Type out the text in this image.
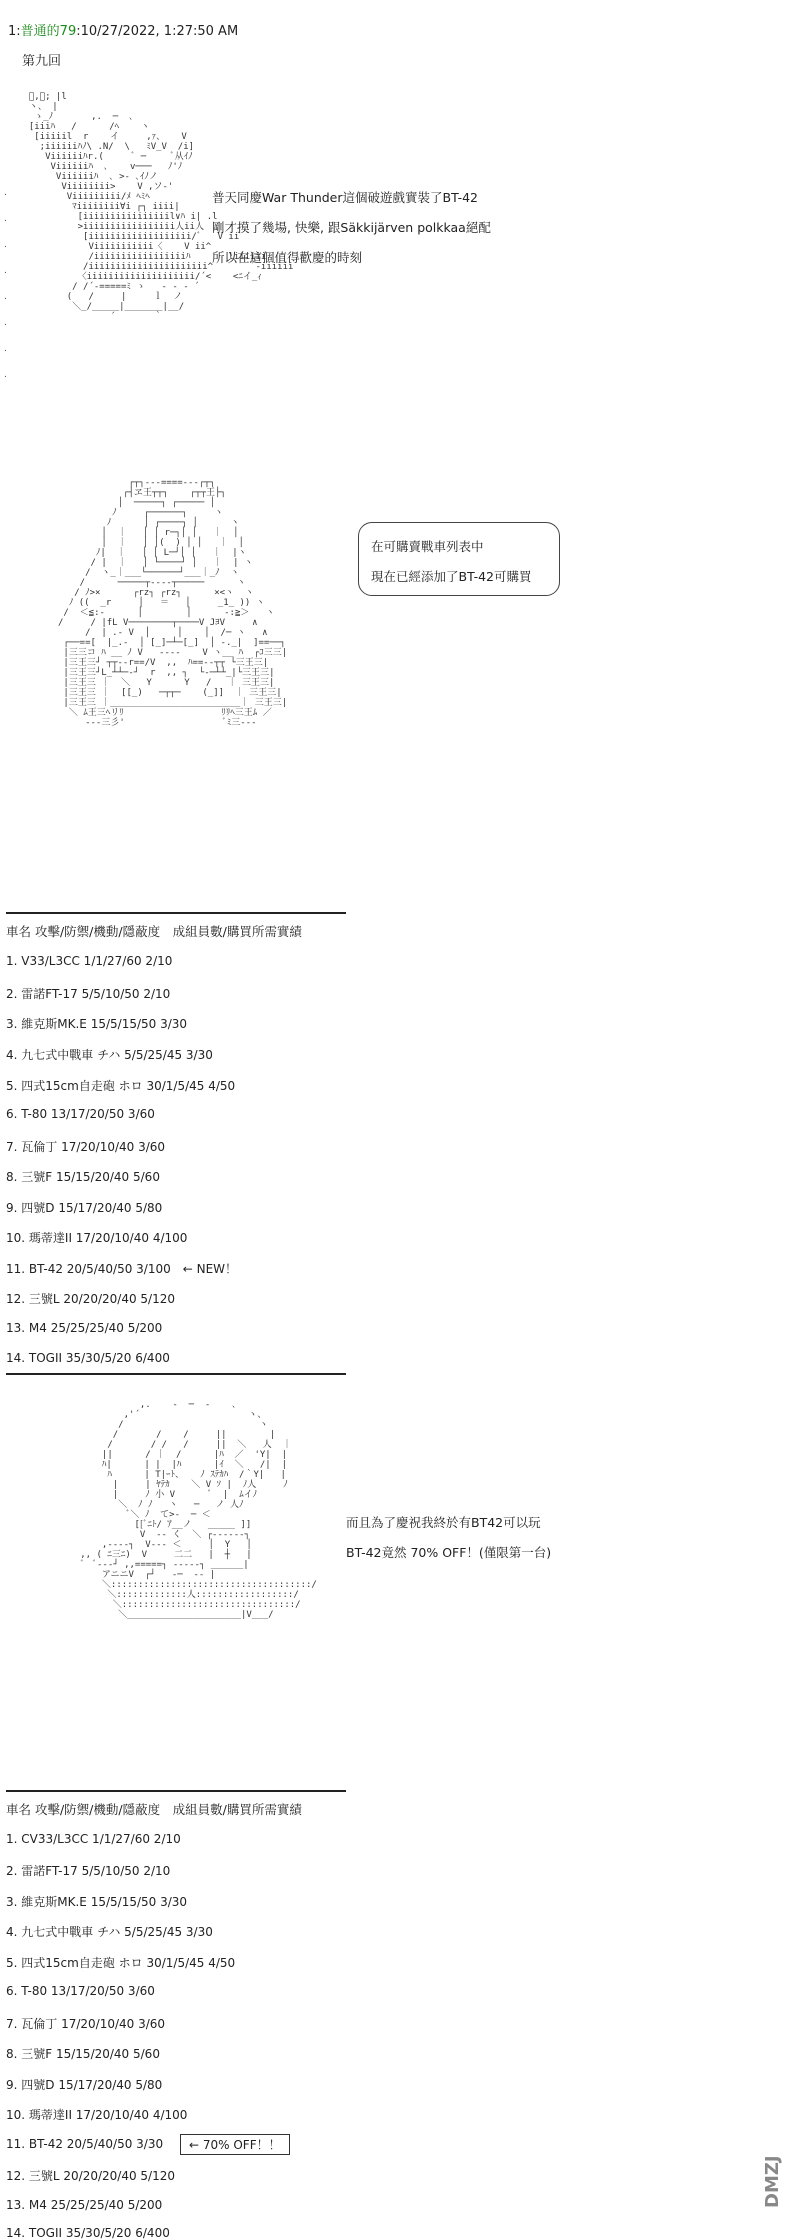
1:普通的79:10/27/2022, 1:27:50 AM
第九回
ﾞ,ﾞ; |l
ヽ、 |
ゝ_ﾉ       ,.  ─  ､
[iiiﾊ   /      /ﾍ    ヽ
[iiiiil  r    イ     ,ｧ、   V
;iiiiiiﾊﾉ\ .N/  \   ﾐV_V  /i]
Viiiiiiﾊr.(     ﾞ ─     ﾞ从ｲﾉ
Viiiiiiﾊ  ､    v───   ﾉ'ﾉ
Viiiiiiﾊ  ､ >‐ ､ｲﾉノ
Viiiiiiii>    V ,ソ‐'
Viiiiiiiii/ﾒ ﾍﾐﾍ
ﾏiiiiiiii∀i ┌┐ iiii|
[iiiiiiiiiiiiiiiil∨ﾊ i| .l
>iiiiiiiiiiiiiiiii人ii人
[iiiiiiiiiiiiiiiiiii/ﾞ   V ii
Viiiiiiiiiii〈    V ii^
/iiiiiiiiiiiiiiiiiﾊ       liiiiii
/iiiiiiiiiiiiiiiiiiiiii^       ﾞ‐iiiiii
〈iiiiiiiiiiiiiiiiiiii/´<    <ﾆイ_ｨ
/ /´‐=====ﾐ ゝ   ‐ ‐ ‐ ´
(   /     |     ｌ  ノ
＼_/_____|_______|__/
´       ｀
.
.
.
.
.
.
.
.
普天同慶War Thunder這個破遊戲實裝了BT-42
剛才摸了幾場, 快樂, 跟Säkkijärven polkkaa絕配
所以在這個值得歡慶的時刻
┌┬┐‐‐‐====‐‐‐┌┬┐
┌┤ヱ王┬┬┐    ┌┬┬王├┐
│  ─────┐ ┌───── │
ﾉ     ┌──────┐     ヽ
ﾉ      │ ┌────┐ │      ヽ
│  ｜   │ │ r─┐│ │   ｜  │
│  ｜   │ │(  ) │ │   ｜  │
ﾉ|  ｜   │ │ L─┘│ │   ｜  |ヽ
/ |  ｜   │ └────┘ │   ｜  | ヽ
/  ヽ_｜___└──────┘___｜_ﾉ  ヽ
/      ─────┬‐‐‐‐┬─────      ヽ
/ ﾉ>×      ┌rz┐ ┌rz┐      ×<ヽ  ヽ
ﾉ ((  _r     │   ＝   │     _1_ )) ヽ
/  ＜≦:-      │        │      -:≧＞   ヽ
/     / |fL V────────┬────V JﾖV     ∧
/  | .‐ V  │     │    │  /─ ヽ   ∧
┌──==[  |_.‐  │ [_]─┴─[_]  │ ‐._|  ]==──┐
|三三コ ﾊ __ ﾉ V   ‐‐‐‐    V ヽ__ ﾊ  ┌ｺ三三|
|三王三┘ ┬┬‐‐r==/V  ,,  ﾊ==‐‐┬┬ └三王三|
|三王三┘L_┴┴─‐┘  r  ,, ┐  └‐─┴┴_|└三王三|
|三王三 ｜  ＼   Y      Y   /   ｜ 三王三|
|三王三 ｜  [[_)   ─┬┬─    (_]]  ｜ 三王三|
|三王三 ｜________________________｜ 三王三|
＼ ﾑ王三ﾍリﾘ                  ﾘﾘﾍ三王ﾑ ／
‐‐‐三彡'                  ﾞﾐ三‐‐‐
在可購賣戰車列表中
現在已經添加了BT-42可購買
車名 攻擊/防禦/機動/隱蔽度　成組員數/購買所需實績
1. V33/L3CC 1/1/27/60 2/10
2. 雷諾FT-17 5/5/10/50 2/10
3. 維克斯MK.E 15/5/15/50 3/30
4. 九七式中戰車 チハ 5/5/25/45 3/30
5. 四式15cm自走砲 ホロ 30/1/5/45 4/50
6. T-80 13/17/20/50 3/60
7. 瓦倫丁 17/20/10/40 3/60
8. 三號F 15/15/20/40 5/60
9. 四號D 15/17/20/40 5/80
10. 瑪蒂達II 17/20/10/40 4/100
11. BT-42 20/5/40/50 3/100　← NEW！
12. 三號L 20/20/20/40 5/120
13. M4 25/25/25/40 5/200
14. TOGII 35/30/5/20 6/400
,.    ‐  ─  ‐    ､
,'´                    ヽ、
/                         ヽ
/       /    /     ||        |
/       / /   /     ||  ＼   人  ｜
||      / ｜  /      |ﾊ  ／  'Y|  |
ﾊ|      | |  |ﾊ      |ｲ  ＼   /|  |
ﾊ      | T|ｰﾄ、   ﾉ ｽﾃｶﾊ  /｀Y|   |
|     | ﾔﾃｶ    ＼ V ｿ |  ﾉ人     ﾉ
|     ﾉ 小 V      ﾞ  |  ﾑイﾉ
＼  ﾉ ﾉ   ヽ   ─   ノ 人ﾉ
ﾞ＼ ﾉ  て>‐  ─ ＜
[[ﾞﾆﾄ/ ｱ__ノ   _____ ]]
V  ‐‐ く  ＼ ┌‐‐‐‐‐‐┐
,‐‐‐‐┐  V‐‐‐ ＜     │  Y   │
,, ( ﾆ三ﾆ)  V     二二   |  ┼   |
ﾞ  ﾞ‐‐‐┘ ,,=====┐ ‐‐‐‐‐┐ ______|
アニニV  ┌┘   ‐─  ‐‐ |
＼:::::::::::::::::::::::::::::::::::::/
＼:::::::::::::人::::::::::::::::::/
＼::::::::::::::::::::::::::::::::/
＼_____________________|V___/
而且為了慶祝我終於有BT42可以玩
BT-42竟然 70% OFF！(僅限第一台)
車名 攻擊/防禦/機動/隱蔽度　成組員數/購買所需實績
1. CV33/L3CC 1/1/27/60 2/10
2. 雷諾FT-17 5/5/10/50 2/10
3. 維克斯MK.E 15/5/15/50 3/30
4. 九七式中戰車 チハ 5/5/25/45 3/30
5. 四式15cm自走砲 ホロ 30/1/5/45 4/50
6. T-80 13/17/20/50 3/60
7. 瓦倫丁 17/20/10/40 3/60
8. 三號F 15/15/20/40 5/60
9. 四號D 15/17/20/40 5/80
10. 瑪蒂達II 17/20/10/40 4/100
11. BT-42 20/5/40/50 3/30	← 70% OFF！！
12. 三號L 20/20/20/40 5/120
13. M4 25/25/25/40 5/200
14. TOGII 35/30/5/20 6/400
DMZJ
